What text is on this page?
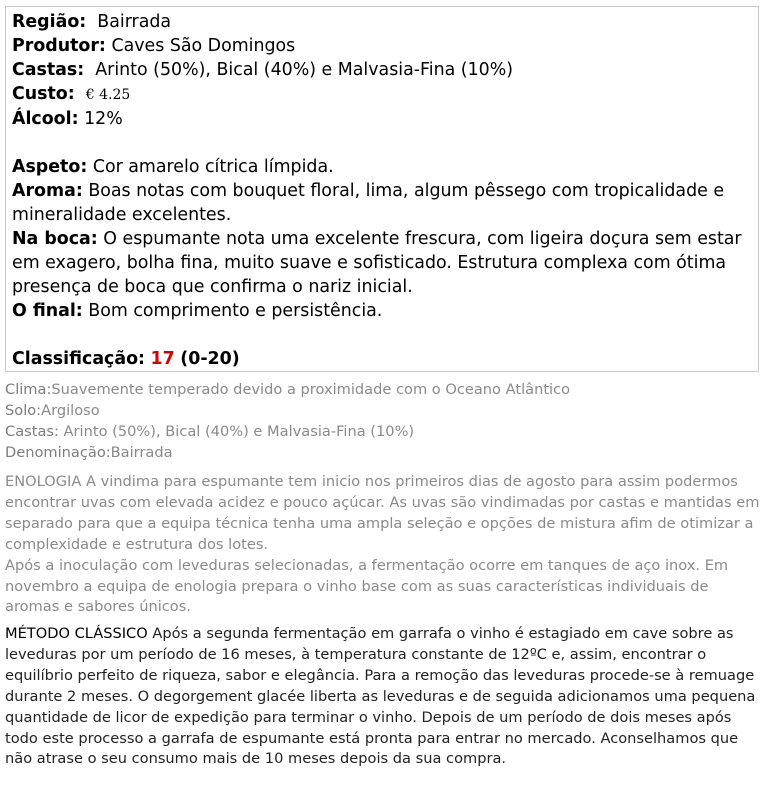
Região: Bairrada

Produtor: Caves São Domingos

Castas: Arinto (50%), Bical (40%) e Malvasia-Fina (10%)

Custo: € 4.25

Álcool: 12%

Aspeto: Cor amarelo cítrica límpida.

Aroma: Boas notas com bouquet floral, lima, algum pêssego com tropicalidade e mineralidade excelentes.

Na boca: O espumante nota uma excelente frescura, com ligeira doçura sem estar em exagero, bolha fina, muito suave e sofisticado. Estrutura complexa com ótima presença de boca que confirma o nariz inicial.

O final: Bom comprimento e persistência.

Classificação: 17 (0-20)

Clima:Suavemente temperado devido a proximidade com o Oceano Atlântico

Solo:Argiloso

Castas: Arinto (50%), Bical (40%) e Malvasia-Fina (10%)

Denominação:Bairrada

ENOLOGIA A vindima para espumante tem inicio nos primeiros dias de agosto para assim podermos encontrar uvas com elevada acidez e pouco açúcar. As uvas são vindimadas por castas e mantidas em separado para que a equipa técnica tenha uma ampla seleção e opções de mistura afim de otimizar a complexidade e estrutura dos lotes.

Após a inoculação com leveduras selecionadas, a fermentação ocorre em tanques de aço inox. Em novembro a equipa de enologia prepara o vinho base com as suas características individuais de aromas e sabores únicos.

MÉTODO CLÁSSICO Após a segunda fermentação em garrafa o vinho é estagiado em cave sobre as leveduras por um período de 16 meses, à temperatura constante de 12ºC e, assim, encontrar o equilíbrio perfeito de riqueza, sabor e elegância. Para a remoção das leveduras procede-se à remuage durante 2 meses. O degorgement glacée liberta as leveduras e de seguida adicionamos uma pequena quantidade de licor de expedição para terminar o vinho. Depois de um período de dois meses após todo este processo a garrafa de espumante está pronta para entrar no mercado. Aconselhamos que não atrase o seu consumo mais de 10 meses depois da sua compra.
